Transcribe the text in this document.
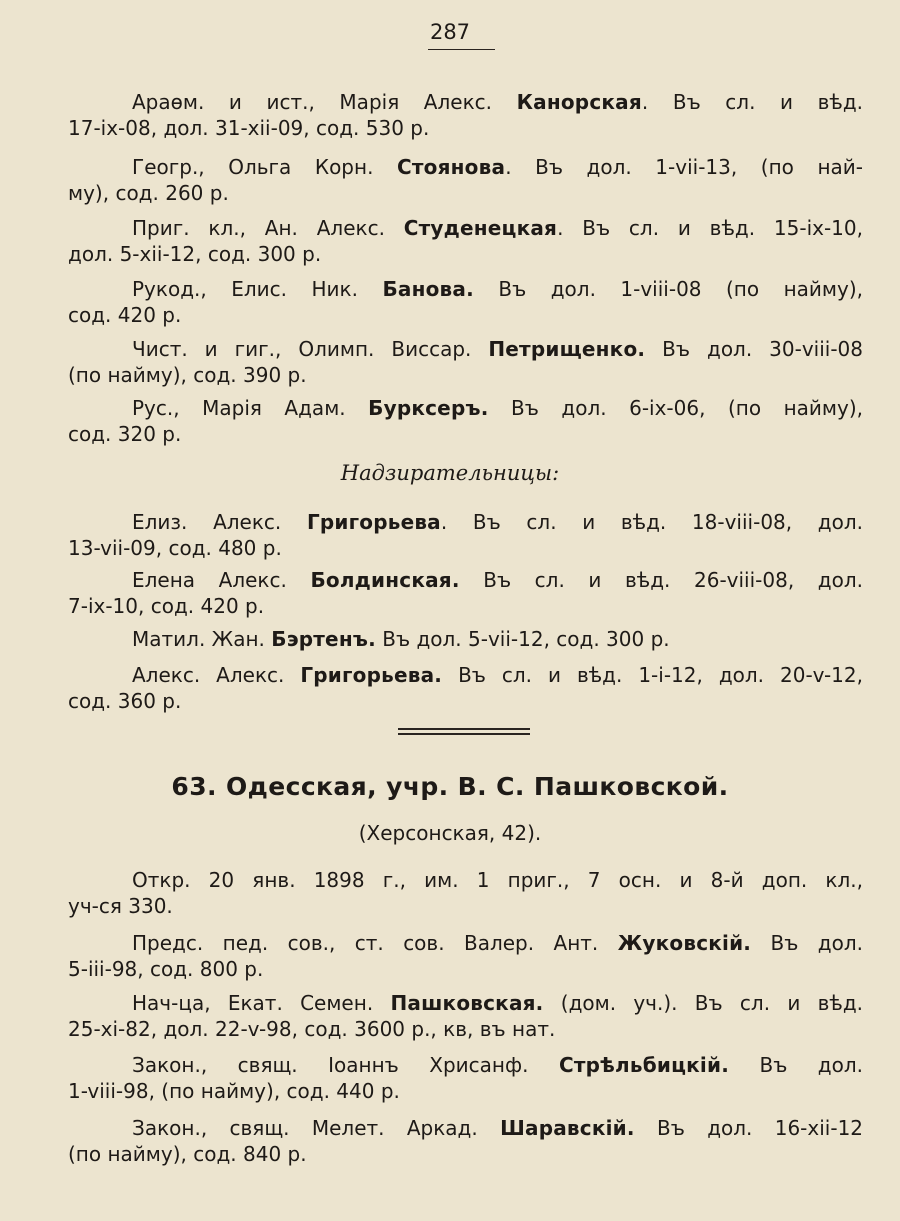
287
Араѳм. и ист., Марія Алекс. Канорская. Въ сл. и вѣд.
17-ix-08, дол. 31-xii-09, сод. 530 р.
Геогр., Ольга Корн. Стоянова. Въ дол. 1-vii-13, (по най-
му), сод. 260 р.
Приг. кл., Ан. Алекс. Студенецкая. Въ сл. и вѣд. 15-ix-10,
дол. 5-xii-12, сод. 300 р.
Рукод., Елис. Ник. Банова. Въ дол. 1-viii-08 (по найму),
сод. 420 р.
Чист. и гиг., Олимп. Виссар. Петрищенко. Въ дол. 30-viii-08
(по найму), сод. 390 р.
Рус., Марія Адам. Буркcеръ. Въ дол. 6-ix-06, (по найму),
сод. 320 р.
Надзирательницы:
Елиз. Алекс. Григорьева. Въ сл. и вѣд. 18-viii-08, дол.
13-vii-09, сод. 480 р.
Елена Алекс. Болдинская. Въ сл. и вѣд. 26-viii-08, дол.
7-ix-10, сод. 420 р.
Матил. Жан. Бэртенъ. Въ дол. 5-vii-12, сод. 300 р.
Алекс. Алекс. Григорьева. Въ сл. и вѣд. 1-i-12, дол. 20-v-12,
сод. 360 р.
63. Одесская, учр. В. С. Пашковской.
(Херсонская, 42).
Откр. 20 янв. 1898 г., им. 1 приг., 7 осн. и 8-й доп. кл.,
уч-ся 330.
Предс. пед. сов., ст. сов. Валер. Ант. Жуковскій. Въ дол.
5-iii-98, сод. 800 р.
Нач-ца, Екат. Семен. Пашковская. (дом. уч.). Въ сл. и вѣд.
25-xi-82, дол. 22-v-98, сод. 3600 р., кв, въ нат.
Закон., свящ. Іоаннъ Хрисанф. Стрѣльбицкій. Въ дол.
1-viii-98, (по найму), сод. 440 р.
Закон., свящ. Мелет. Аркад. Шаравскій. Въ дол. 16-xii-12
(по найму), сод. 840 р.
